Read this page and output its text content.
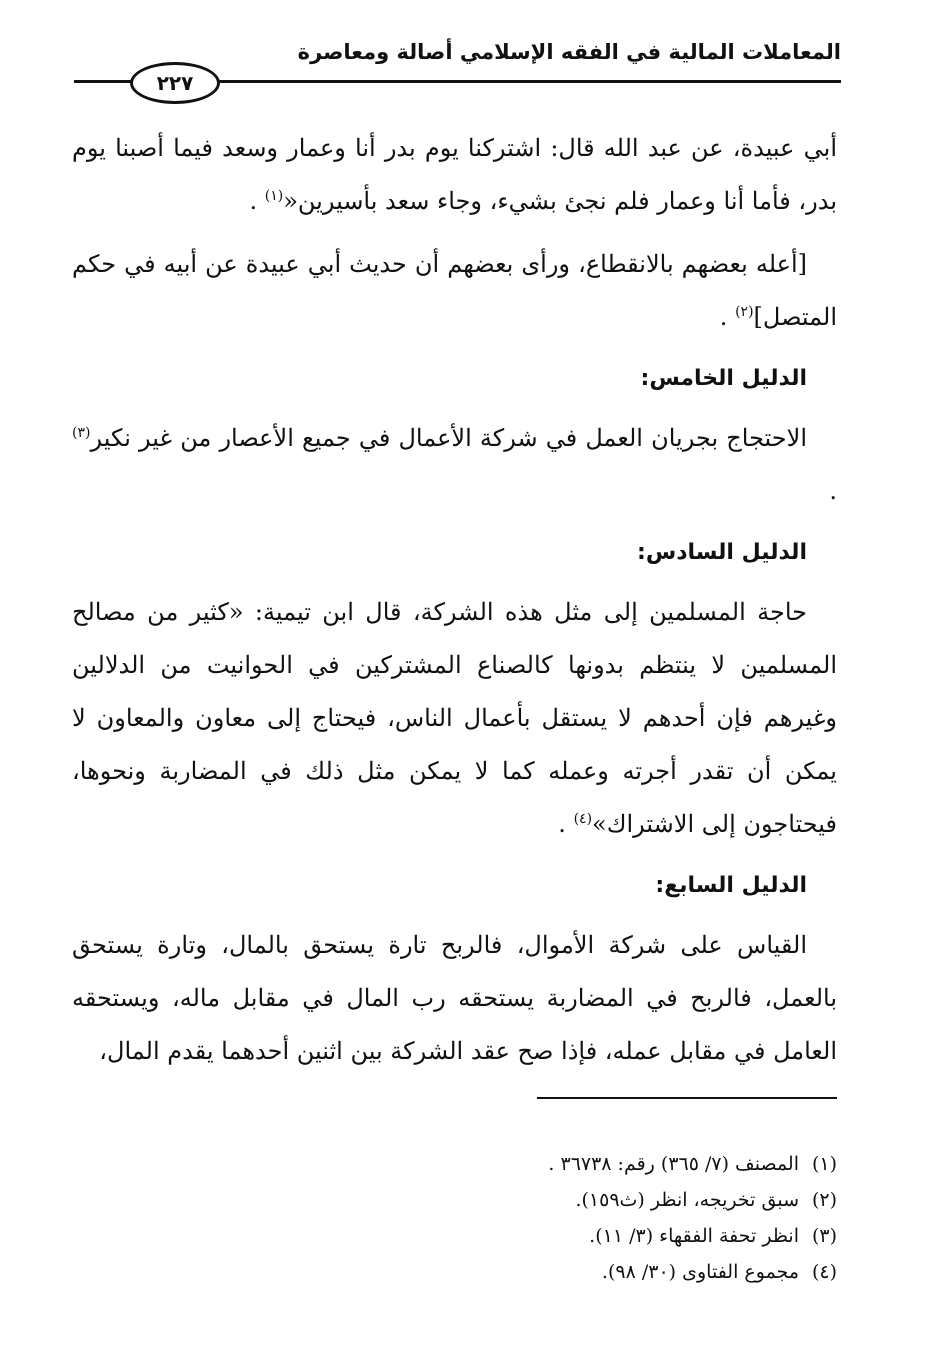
المعاملات المالية في الفقه الإسلامي أصالة ومعاصرة
٢٢٧

أبي عبيدة، عن عبد الله قال: اشتركنا يوم بدر أنا وعمار وسعد فيما أصبنا يوم بدر، فأما أنا وعمار فلم نجئ بشيء، وجاء سعد بأسيرين«$^{(١)}$ .

[أعله بعضهم بالانقطاع، ورأى بعضهم أن حديث أبي عبيدة عن أبيه في حكم المتصل]$^{(٢)}$ .

الدليل الخامس:

الاحتجاج بجريان العمل في شركة الأعمال في جميع الأعصار من غير نكير$^{(٣)}$ .

الدليل السادس:

حاجة المسلمين إلى مثل هذه الشركة، قال ابن تيمية: «كثير من مصالح المسلمين لا ينتظم بدونها كالصناع المشتركين في الحوانيت من الدلالين وغيرهم فإن أحدهم لا يستقل بأعمال الناس، فيحتاج إلى معاون والمعاون لا يمكن أن تقدر أجرته وعمله كما لا يمكن مثل ذلك في المضاربة ونحوها، فيحتاجون إلى الاشتراك»$^{(٤)}$ .

الدليل السابع:

القياس على شركة الأموال، فالربح تارة يستحق بالمال، وتارة يستحق بالعمل، فالربح في المضاربة يستحقه رب المال في مقابل ماله، ويستحقه العامل في مقابل عمله، فإذا صح عقد الشركة بين اثنين أحدهما يقدم المال،

(١)المصنف (٧/ ٣٦٥) رقم: ٣٦٧٣٨ .
(٢)سبق تخريجه، انظر (ث١٥٩).
(٣)انظر تحفة الفقهاء (٣/ ١١).
(٤)مجموع الفتاوى (٣٠/ ٩٨).
